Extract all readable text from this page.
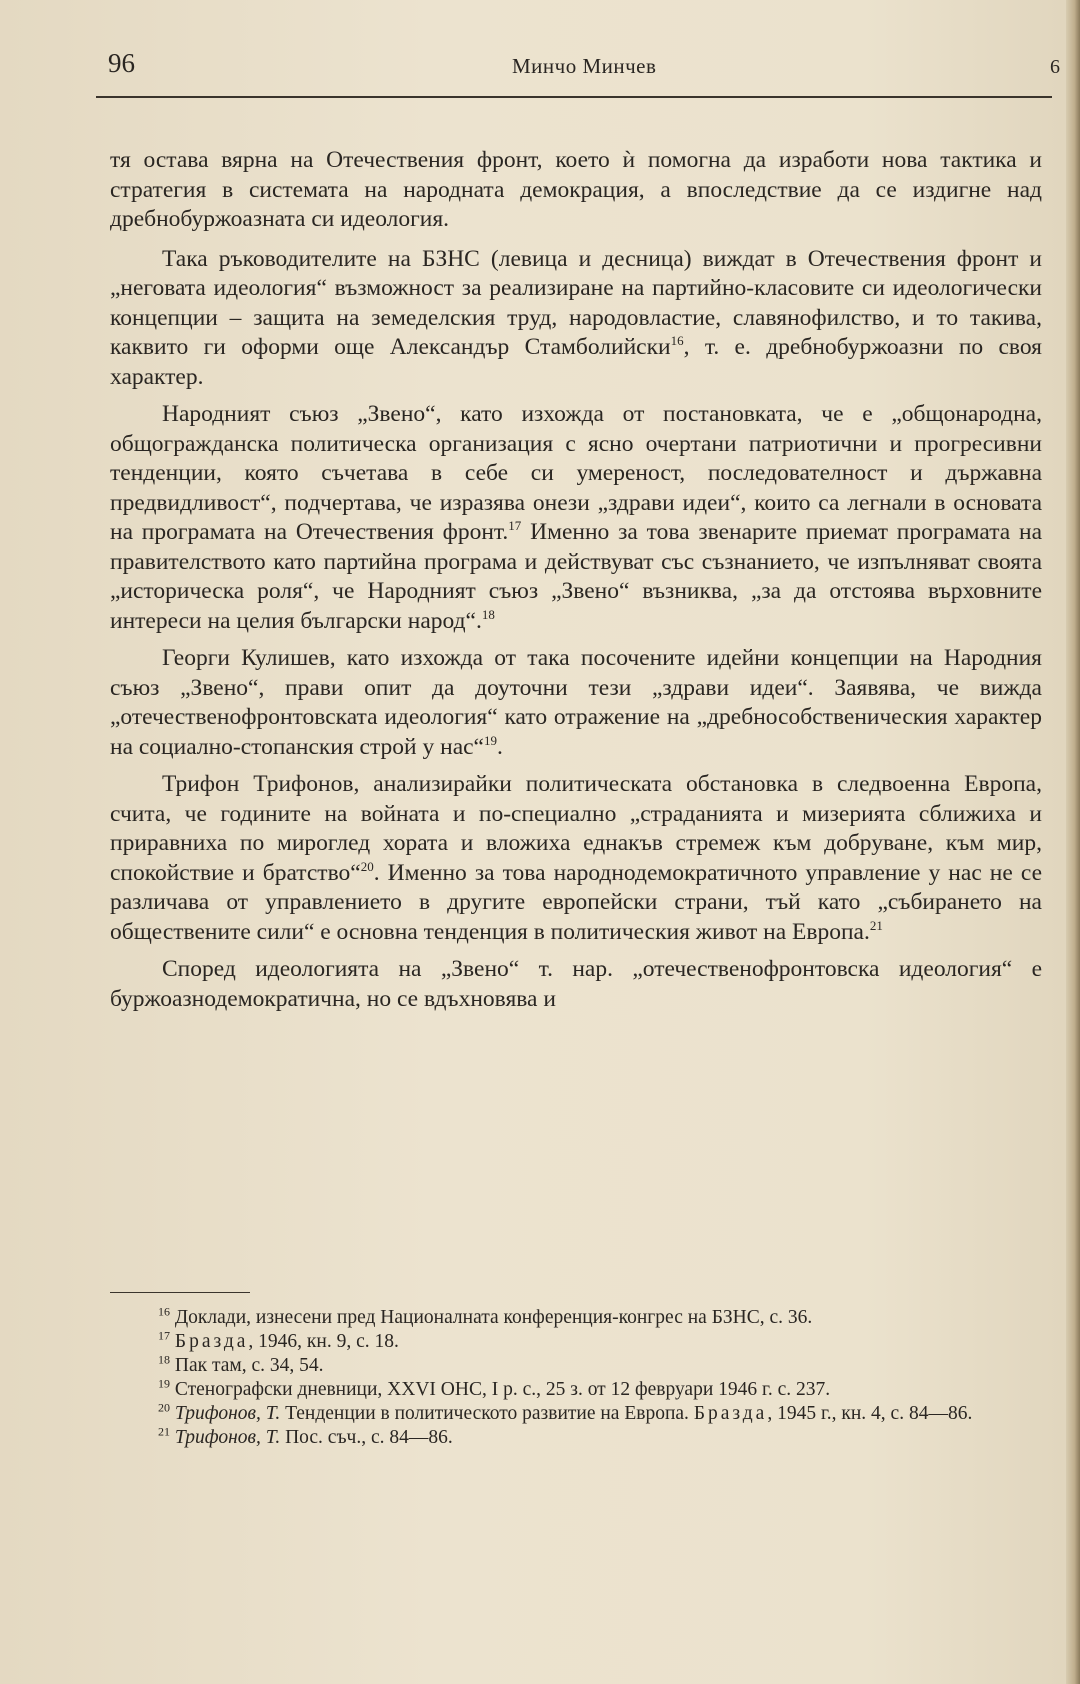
96	Минчо Минчев	6

тя остава вярна на Отечествения фронт, което ѝ помогна да изработи нова тактика и стратегия в системата на народната демокрация, а впоследствие да се издигне над дребнобуржоазната си идеология.

Така ръководителите на БЗНС (левица и десница) виждат в Отечествения фронт и „неговата идеология“ възможност за реализиране на партийно-класовите си идеологически концепции – защита на земеделския труд, народовластие, славянофилство, и то такива, каквито ги оформи още Александър Стамболийски$^{16}$, т. е. дребнобуржоазни по своя характер.

Народният съюз „Звено“, като изхожда от постановката, че е „общонародна, общогражданска политическа организация с ясно очертани патриотични и прогресивни тенденции, която съчетава в себе си умереност, последователност и държавна предвидливост“, подчертава, че изразява онези „здрави идеи“, които са легнали в основата на програмата на Отечествения фронт.$^{17}$ Именно за това звенарите приемат програмата на правителството като партийна програма и действуват със съзнанието, че изпълняват своята „историческа роля“, че Народният съюз „Звено“ възниква, „за да отстоява върховните интереси на целия български народ“.$^{18}$

Георги Кулишев, като изхожда от така посочените идейни концепции на Народния съюз „Звено“, прави опит да доуточни тези „здрави идеи“. Заявява, че вижда „отечественофронтовската идеология“ като отражение на „дребнособственическия характер на социално-стопанския строй у нас“$^{19}$.

Трифон Трифонов, анализирайки политическата обстановка в следвоенна Европа, счита, че годините на войната и по-специално „страданията и мизерията сближиха и приравниха по мироглед хората и вложиха еднакъв стремеж към добруване, към мир, спокойствие и братство“$^{20}$. Именно за това народнодемократичното управление у нас не се различава от управлението в другите европейски страни, тъй като „събирането на обществените сили“ е основна тенденция в политическия живот на Европа.$^{21}$

Според идеологията на „Звено“ т. нар. „отечественофронтовска идеология“ е буржоазнодемократична, но се вдъхновява и

$^{16}$ Доклади, изнесени пред Националната конференция-конгрес на БЗНС, с. 36.

$^{17}$ Бразда, 1946, кн. 9, с. 18.

$^{18}$ Пак там, с. 34, 54.

$^{19}$ Стенографски дневници, XXVI ОНС, I р. с., 25 з. от 12 февруари 1946 г. с. 237.

$^{20}$ Трифонов, Т. Тенденции в политическото развитие на Европа. Бразда, 1945 г., кн. 4, с. 84—86.

$^{21}$ Трифонов, Т. Пос. съч., с. 84—86.
